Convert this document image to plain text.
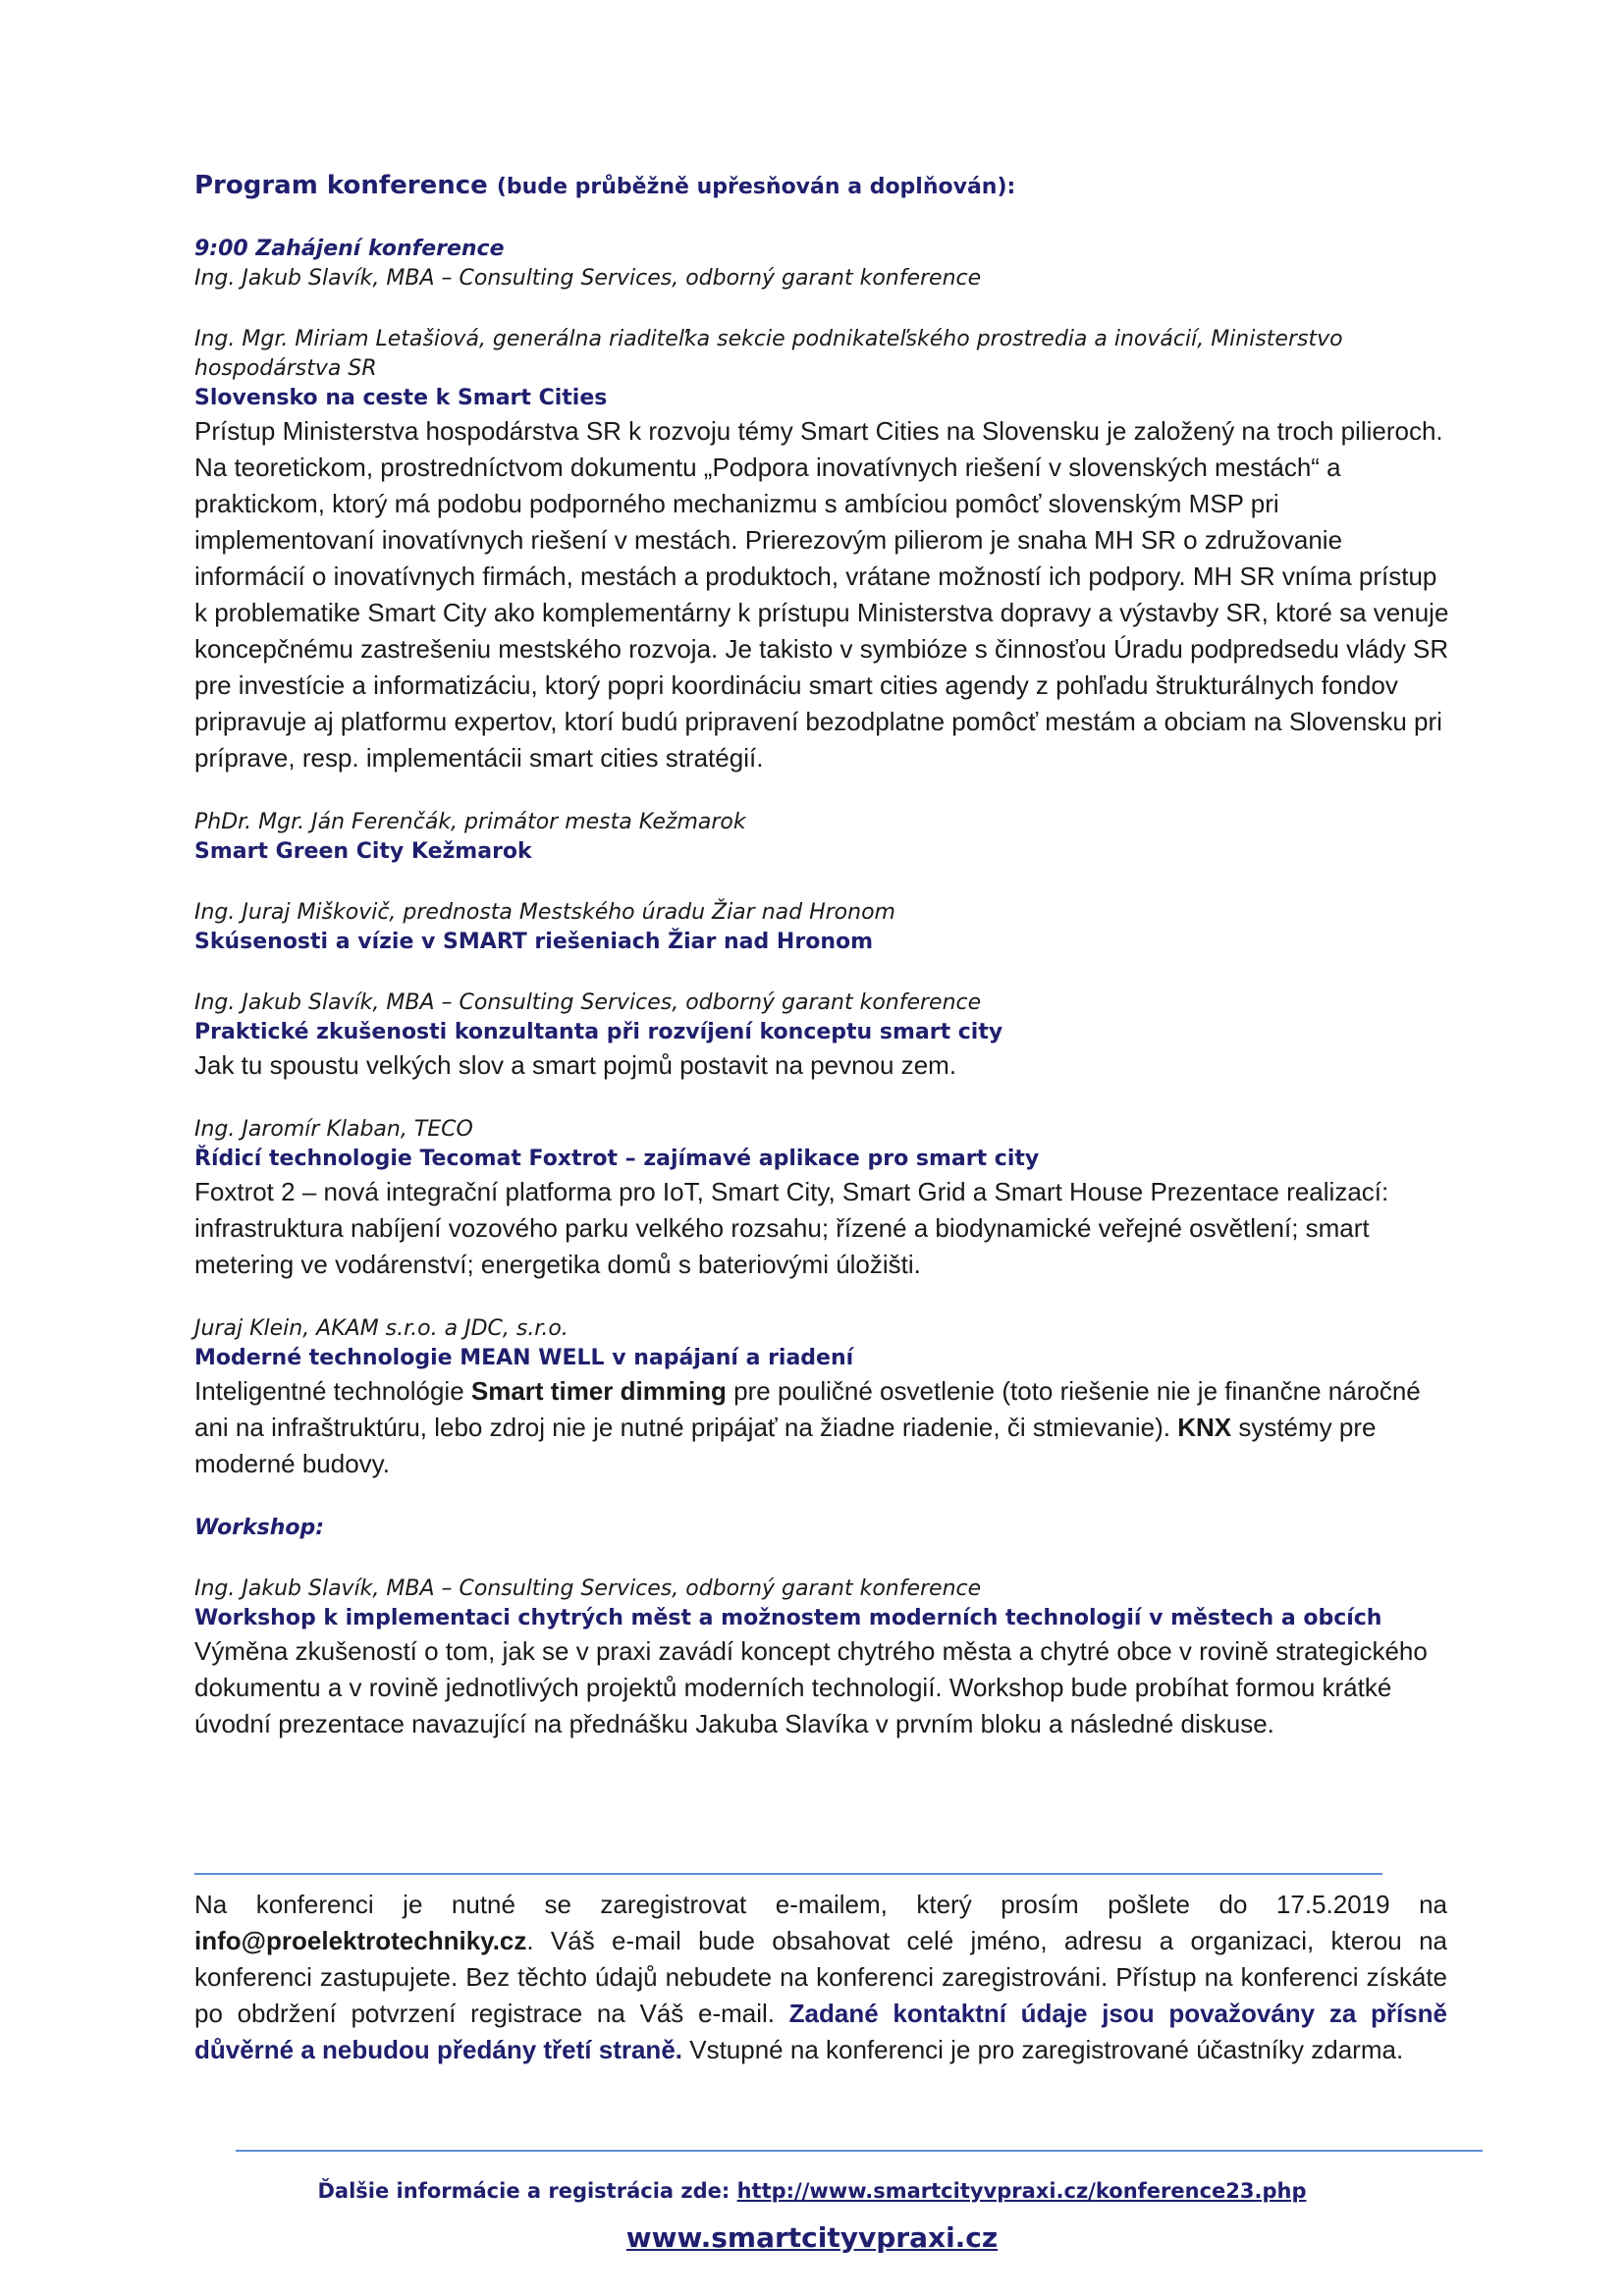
Program konference (bude průběžně upřesňován a doplňován):
9:00 Zahájení konference
Ing. Jakub Slavík, MBA – Consulting Services, odborný garant konference
Ing. Mgr. Miriam Letašiová, generálna riaditeľka sekcie podnikateľského prostredia a inovácií, Ministerstvo hospodárstva SR
Slovensko na ceste k Smart Cities
Prístup Ministerstva hospodárstva SR k rozvoju témy Smart Cities na Slovensku je založený na troch pilieroch. Na teoretickom, prostredníctvom dokumentu „Podpora inovatívnych riešení v slovenských mestách“ a praktickom, ktorý má podobu podporného mechanizmu s ambíciou pomôcť slovenským MSP pri implementovaní inovatívnych riešení v mestách. Prierezovým pilierom je snaha MH SR o združovanie informácií o inovatívnych firmách, mestách a produktoch, vrátane možností ich podpory. MH SR vníma prístup k problematike Smart City ako komplementárny k prístupu Ministerstva dopravy a výstavby SR, ktoré sa venuje koncepčnému zastrešeniu mestského rozvoja. Je takisto v symbióze s činnosťou Úradu podpredsedu vlády SR pre investície a informatizáciu, ktorý popri koordináciu smart cities agendy z pohľadu štrukturálnych fondov pripravuje aj platformu expertov, ktorí budú pripravení bezodplatne pomôcť mestám a obciam na Slovensku pri príprave, resp. implementácii smart cities stratégií.
PhDr. Mgr. Ján Ferenčák, primátor mesta Kežmarok
Smart Green City Kežmarok
Ing. Juraj Miškovič, prednosta Mestského úradu Žiar nad Hronom
Skúsenosti a vízie v SMART riešeniach Žiar nad Hronom
Ing. Jakub Slavík, MBA – Consulting Services, odborný garant konference
Praktické zkušenosti konzultanta při rozvíjení konceptu smart city
Jak tu spoustu velkých slov a smart pojmů postavit na pevnou zem.
Ing. Jaromír Klaban, TECO
Řídicí technologie Tecomat Foxtrot – zajímavé aplikace pro smart city
Foxtrot 2 – nová integrační platforma pro IoT, Smart City, Smart Grid a Smart House Prezentace realizací: infrastruktura nabíjení vozového parku velkého rozsahu; řízené a biodynamické veřejné osvětlení; smart metering ve vodárenství; energetika domů s bateriovými úložišti.
Juraj Klein, AKAM s.r.o. a JDC, s.r.o.
Moderné technologie MEAN WELL v napájaní a riadení
Inteligentné technológie Smart timer dimming pre pouličné osvetlenie (toto riešenie nie je finančne náročné ani na infraštruktúru, lebo zdroj nie je nutné pripájať na žiadne riadenie, či stmievanie). KNX systémy pre moderné budovy.
Workshop:
Ing. Jakub Slavík, MBA – Consulting Services, odborný garant konference
Workshop k implementaci chytrých měst a možnostem moderních technologií v městech a obcích
Výměna zkušeností o tom, jak se v praxi zavádí koncept chytrého města a chytré obce v rovině strategického dokumentu a v rovině jednotlivých projektů moderních technologií. Workshop bude probíhat formou krátké úvodní prezentace navazující na přednášku Jakuba Slavíka v prvním bloku a následné diskuse.
Na konferenci je nutné se zaregistrovat e-mailem, který prosím pošlete do 17.5.2019 na info@proelektrotechniky.cz. Váš e-mail bude obsahovat celé jméno, adresu a organizaci, kterou na konferenci zastupujete. Bez těchto údajů nebudete na konferenci zaregistrováni. Přístup na konferenci získáte po obdržení potvrzení registrace na Váš e-mail. Zadané kontaktní údaje jsou považovány za přísně důvěrné a nebudou předány třetí straně. Vstupné na konferenci je pro zaregistrované účastníky zdarma.
Ďalšie informácie a registrácia zde: http://www.smartcityvpraxi.cz/konference23.php
www.smartcityvpraxi.cz
